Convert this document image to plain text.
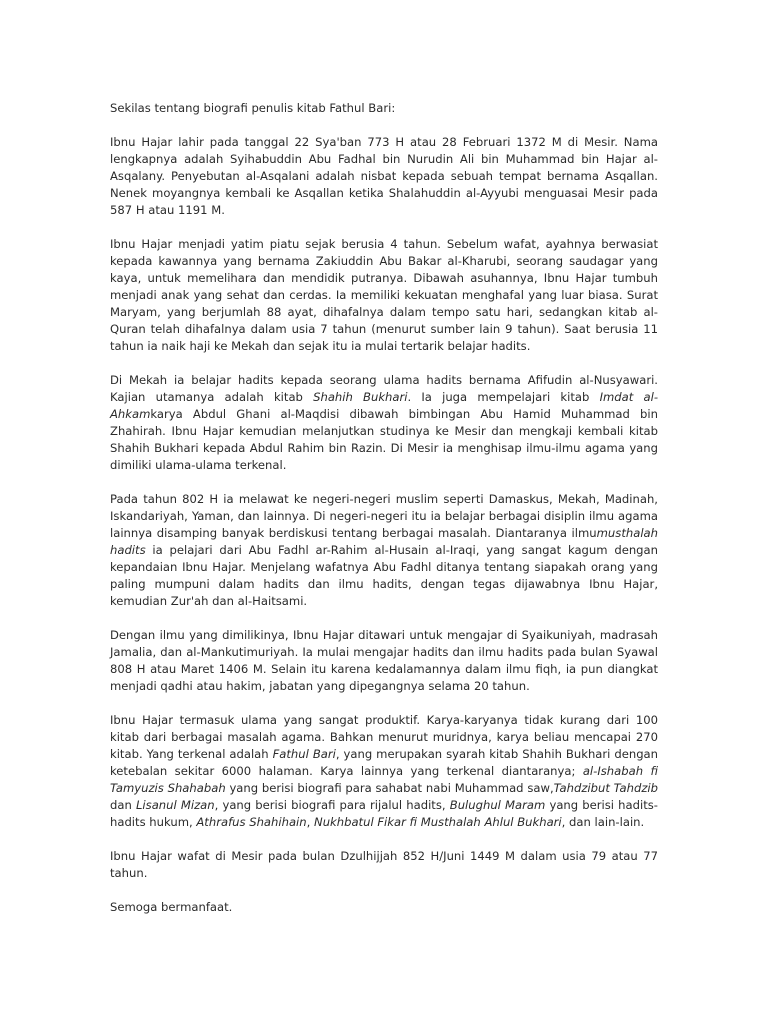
Sekilas tentang biografi penulis kitab Fathul Bari:

Ibnu Hajar lahir pada tanggal 22 Sya'ban 773 H atau 28 Februari 1372 M di Mesir. Nama lengkapnya adalah Syihabuddin Abu Fadhal bin Nurudin Ali bin Muhammad bin Hajar al-Asqalany. Penyebutan al-Asqalani adalah nisbat kepada sebuah tempat bernama Asqallan. Nenek moyangnya kembali ke Asqallan ketika Shalahuddin al-Ayyubi menguasai Mesir pada 587 H atau 1191 M.

Ibnu Hajar menjadi yatim piatu sejak berusia 4 tahun. Sebelum wafat, ayahnya berwasiat kepada kawannya yang bernama Zakiuddin Abu Bakar al-Kharubi, seorang saudagar yang kaya, untuk memelihara dan mendidik putranya. Dibawah asuhannya, Ibnu Hajar tumbuh menjadi anak yang sehat dan cerdas. Ia memiliki kekuatan menghafal yang luar biasa. Surat Maryam, yang berjumlah 88 ayat, dihafalnya dalam tempo satu hari, sedangkan kitab al-Quran telah dihafalnya dalam usia 7 tahun (menurut sumber lain 9 tahun). Saat berusia 11 tahun ia naik haji ke Mekah dan sejak itu ia mulai tertarik belajar hadits.

Di Mekah ia belajar hadits kepada seorang ulama hadits bernama Afifudin al-Nusyawari. Kajian utamanya adalah kitab Shahih Bukhari. Ia juga mempelajari kitab Imdat al-Ahkamkarya Abdul Ghani al-Maqdisi dibawah bimbingan Abu Hamid Muhammad bin Zhahirah. Ibnu Hajar kemudian melanjutkan studinya ke Mesir dan mengkaji kembali kitab Shahih Bukhari kepada Abdul Rahim bin Razin. Di Mesir ia menghisap ilmu-ilmu agama yang dimiliki ulama-ulama terkenal.

Pada tahun 802 H ia melawat ke negeri-negeri muslim seperti Damaskus, Mekah, Madinah, Iskandariyah, Yaman, dan lainnya. Di negeri-negeri itu ia belajar berbagai disiplin ilmu agama lainnya disamping banyak berdiskusi tentang berbagai masalah. Diantaranya ilmumusthalah hadits ia pelajari dari Abu Fadhl ar-Rahim al-Husain al-Iraqi, yang sangat kagum dengan kepandaian Ibnu Hajar. Menjelang wafatnya Abu Fadhl ditanya tentang siapakah orang yang paling mumpuni dalam hadits dan ilmu hadits, dengan tegas dijawabnya Ibnu Hajar, kemudian Zur'ah dan al-Haitsami.

Dengan ilmu yang dimilikinya, Ibnu Hajar ditawari untuk mengajar di Syaikuniyah, madrasah Jamalia, dan al-Mankutimuriyah. Ia mulai mengajar hadits dan ilmu hadits pada bulan Syawal 808 H atau Maret 1406 M. Selain itu karena kedalamannya dalam ilmu fiqh, ia pun diangkat menjadi qadhi atau hakim, jabatan yang dipegangnya selama 20 tahun.

Ibnu Hajar termasuk ulama yang sangat produktif. Karya-karyanya tidak kurang dari 100 kitab dari berbagai masalah agama. Bahkan menurut muridnya, karya beliau mencapai 270 kitab. Yang terkenal adalah Fathul Bari, yang merupakan syarah kitab Shahih Bukhari dengan ketebalan sekitar 6000 halaman. Karya lainnya yang terkenal diantaranya; al-Ishabah fi Tamyuzis Shahabah yang berisi biografi para sahabat nabi Muhammad saw,Tahdzibut Tahdzib dan Lisanul Mizan, yang berisi biografi para rijalul hadits, Bulughul Maram yang berisi hadits-hadits hukum, Athrafus Shahihain, Nukhbatul Fikar fi Musthalah Ahlul Bukhari, dan lain-lain.

Ibnu Hajar wafat di Mesir pada bulan Dzulhijjah 852 H/Juni 1449 M dalam usia 79 atau 77 tahun.

Semoga bermanfaat.
